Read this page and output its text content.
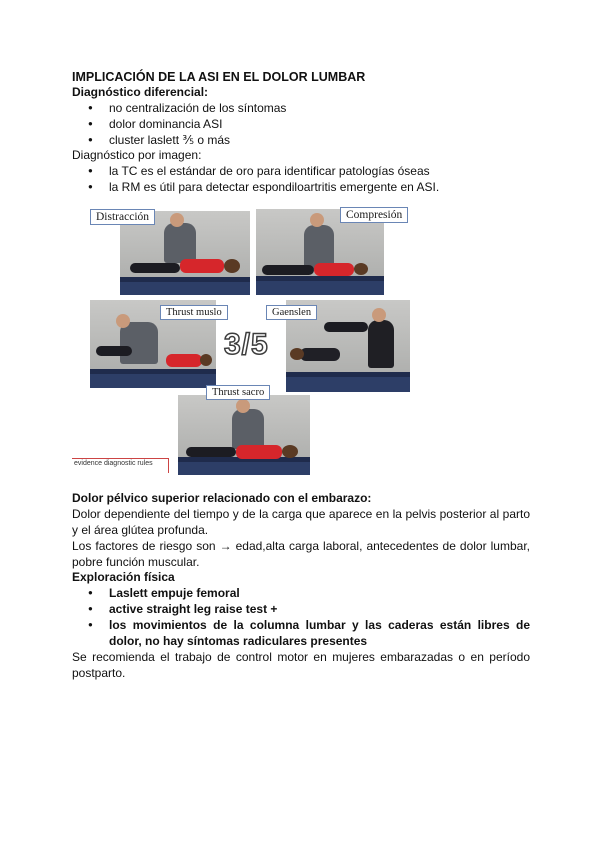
IMPLICACIÓN DE LA ASI EN EL DOLOR LUMBAR
Diagnóstico diferencial:
● no centralización de los síntomas
● dolor dominancia ASI
● cluster laslett ⅗ o más
Diagnóstico por imagen:
● la TC es el estándar de oro para identificar patologías óseas
● la RM es útil para detectar espondiloartritis emergente en ASI.
Distracción	Compresión
Thrust muslo	Gaenslen
Thrust sacro
3/5
evidence diagnostic rules
Dolor pélvico superior relacionado con el embarazo:
Dolor dependiente del tiempo y de la carga que aparece en la pelvis posterior al parto y el área glútea profunda.
Los factores de riesgo son → edad,alta carga laboral, antecedentes de dolor lumbar, pobre función muscular.
Exploración física
● Laslett empuje femoral
● active straight leg raise test +
● los movimientos de la columna lumbar y las caderas están libres de dolor, no hay síntomas radiculares presentes
Se recomienda el trabajo de control motor en mujeres embarazadas o en período postparto.
